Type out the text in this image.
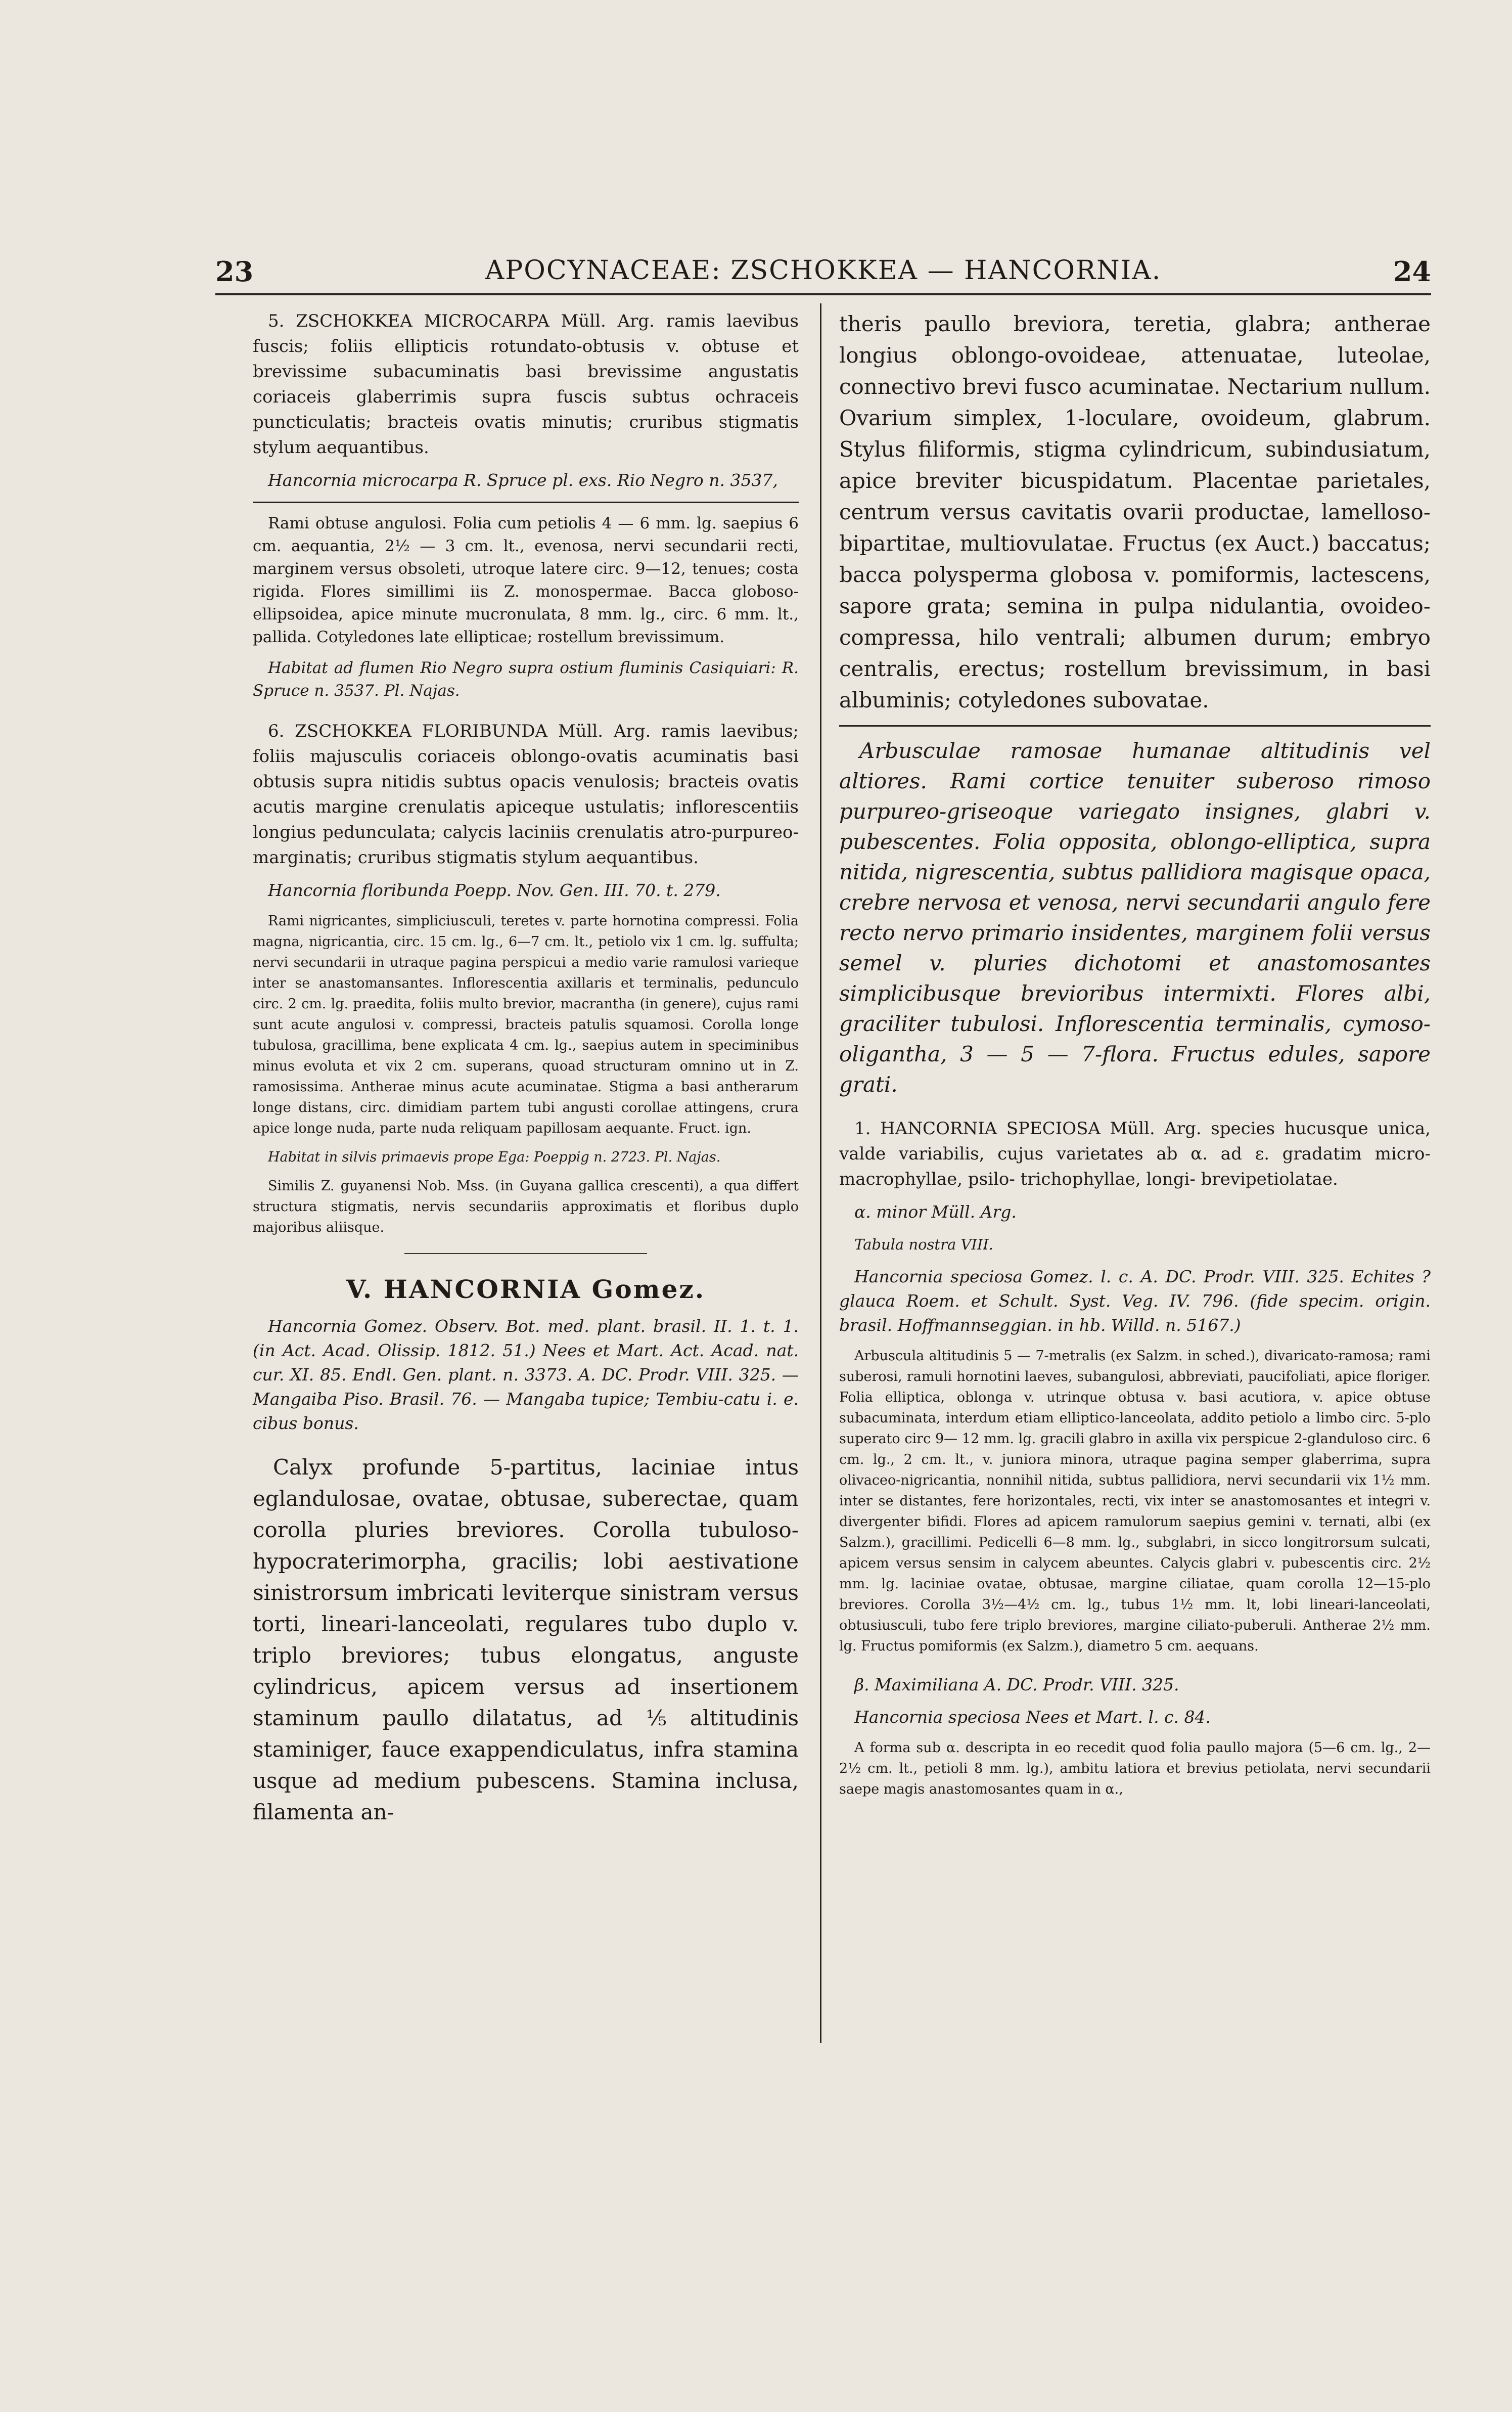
23	APOCYNACEAE: ZSCHOKKEA — HANCORNIA.	24

5. ZSCHOKKEA MICROCARPA Müll. Arg. ramis laevibus fuscis; foliis ellipticis rotundato-obtusis v. obtuse et brevissime subacuminatis basi brevissime angustatis coriaceis glaberrimis supra fuscis subtus ochraceis puncticulatis; bracteis ovatis minutis; cruribus stigmatis stylum aequantibus.

Hancornia microcarpa R. Spruce pl. exs. Rio Negro n. 3537,

Rami obtuse angulosi. Folia cum petiolis 4 — 6 mm. lg. saepius 6 cm. aequantia, 2½ — 3 cm. lt., evenosa, nervi secundarii recti, marginem versus obsoleti, utroque latere circ. 9—12, tenues; costa rigida. Flores simillimi iis Z. monospermae. Bacca globoso-ellipsoidea, apice minute mucronulata, 8 mm. lg., circ. 6 mm. lt., pallida. Cotyledones late ellipticae; rostellum brevissimum.

Habitat ad flumen Rio Negro supra ostium fluminis Casiquiari: R. Spruce n. 3537. Pl. Najas.

6. ZSCHOKKEA FLORIBUNDA Müll. Arg. ramis laevibus; foliis majusculis coriaceis oblongo-ovatis acuminatis basi obtusis supra nitidis subtus opacis venulosis; bracteis ovatis acutis margine crenulatis apiceque ustulatis; inflorescentiis longius pedunculata; calycis laciniis crenulatis atro-purpureo-marginatis; cruribus stigmatis stylum aequantibus.

Hancornia floribunda Poepp. Nov. Gen. III. 70. t. 279.

Rami nigricantes, simpliciusculi, teretes v. parte hornotina compressi. Folia magna, nigricantia, circ. 15 cm. lg., 6—7 cm. lt., petiolo vix 1 cm. lg. suffulta; nervi secundarii in utraque pagina perspicui a medio varie ramulosi varieque inter se anastomansantes. Inflorescentia axillaris et terminalis, pedunculo circ. 2 cm. lg. praedita, foliis multo brevior, macrantha (in genere), cujus rami sunt acute angulosi v. compressi, bracteis patulis squamosi. Corolla longe tubulosa, gracillima, bene explicata 4 cm. lg., saepius autem in speciminibus minus evoluta et vix 2 cm. superans, quoad structuram omnino ut in Z. ramosissima. Antherae minus acute acuminatae. Stigma a basi antherarum longe distans, circ. dimidiam partem tubi angusti corollae attingens, crura apice longe nuda, parte nuda reliquam papillosam aequante. Fruct. ign.

Habitat in silvis primaevis prope Ega: Poeppig n. 2723. Pl. Najas.

Similis Z. guyanensi Nob. Mss. (in Guyana gallica crescenti), a qua differt structura stigmatis, nervis secundariis approximatis et floribus duplo majoribus aliisque.

V. HANCORNIA Gomez.

Hancornia Gomez. Observ. Bot. med. plant. brasil. II. 1. t. 1. (in Act. Acad. Olissip. 1812. 51.) Nees et Mart. Act. Acad. nat. cur. XI. 85. Endl. Gen. plant. n. 3373. A. DC. Prodr. VIII. 325. — Mangaiba Piso. Brasil. 76. — Mangaba tupice; Tembiu-catu i. e. cibus bonus.

Calyx profunde 5-partitus, laciniae intus eglandulosae, ovatae, obtusae, suberectae, quam corolla pluries breviores. Corolla tubuloso-hypocraterimorpha, gracilis; lobi aestivatione sinistrorsum imbricati leviterque sinistram versus torti, lineari-lanceolati, regulares tubo duplo v. triplo breviores; tubus elongatus, anguste cylindricus, apicem versus ad insertionem staminum paullo dilatatus, ad ⅕ altitudinis staminiger, fauce exappendiculatus, infra stamina usque ad medium pubescens. Stamina inclusa, filamenta an-

theris paullo breviora, teretia, glabra; antherae longius oblongo-ovoideae, attenuatae, luteolae, connectivo brevi fusco acuminatae. Nectarium nullum. Ovarium simplex, 1-loculare, ovoideum, glabrum. Stylus filiformis, stigma cylindricum, subindusiatum, apice breviter bicuspidatum. Placentae parietales, centrum versus cavitatis ovarii productae, lamelloso-bipartitae, multiovulatae. Fructus (ex Auct.) baccatus; bacca polysperma globosa v. pomiformis, lactescens, sapore grata; semina in pulpa nidulantia, ovoideo-compressa, hilo ventrali; albumen durum; embryo centralis, erectus; rostellum brevissimum, in basi albuminis; cotyledones subovatae.

Arbusculae ramosae humanae altitudinis vel altiores. Rami cortice tenuiter suberoso rimoso purpureo-griseoque variegato insignes, glabri v. pubescentes. Folia opposita, oblongo-elliptica, supra nitida, nigrescentia, subtus pallidiora magisque opaca, crebre nervosa et venosa, nervi secundarii angulo fere recto nervo primario insidentes, marginem folii versus semel v. pluries dichotomi et anastomosantes simplicibusque brevioribus intermixti. Flores albi, graciliter tubulosi. Inflorescentia terminalis, cymoso-oligantha, 3 — 5 — 7-flora. Fructus edules, sapore grati.

1. HANCORNIA SPECIOSA Müll. Arg. species hucusque unica, valde variabilis, cujus varietates ab α. ad ε. gradatim micro- macrophyllae, psilo- trichophyllae, longi- brevipetiolatae.

α. minor Müll. Arg.

Tabula nostra VIII.

Hancornia speciosa Gomez. l. c. A. DC. Prodr. VIII. 325. Echites ? glauca Roem. et Schult. Syst. Veg. IV. 796. (fide specim. origin. brasil. Hoffmannseggian. in hb. Willd. n. 5167.)

Arbuscula altitudinis 5 — 7-metralis (ex Salzm. in sched.), divaricato-ramosa; rami suberosi, ramuli hornotini laeves, subangulosi, abbreviati, paucifoliati, apice floriger. Folia elliptica, oblonga v. utrinque obtusa v. basi acutiora, v. apice obtuse subacuminata, interdum etiam elliptico-lanceolata, addito petiolo a limbo circ. 5-plo superato circ 9— 12 mm. lg. gracili glabro in axilla vix perspicue 2-glanduloso circ. 6 cm. lg., 2 cm. lt., v. juniora minora, utraque pagina semper glaberrima, supra olivaceo-nigricantia, nonnihil nitida, subtus pallidiora, nervi secundarii vix 1½ mm. inter se distantes, fere horizontales, recti, vix inter se anastomosantes et integri v. divergenter bifidi. Flores ad apicem ramulorum saepius gemini v. ternati, albi (ex Salzm.), gracillimi. Pedicelli 6—8 mm. lg., subglabri, in sicco longitrorsum sulcati, apicem versus sensim in calycem abeuntes. Calycis glabri v. pubescentis circ. 2½ mm. lg. laciniae ovatae, obtusae, margine ciliatae, quam corolla 12—15-plo breviores. Corolla 3½—4½ cm. lg., tubus 1½ mm. lt, lobi lineari-lanceolati, obtusiusculi, tubo fere triplo breviores, margine ciliato-puberuli. Antherae 2½ mm. lg. Fructus pomiformis (ex Salzm.), diametro 5 cm. aequans.

β. Maximiliana A. DC. Prodr. VIII. 325.

Hancornia speciosa Nees et Mart. l. c. 84.

A forma sub α. descripta in eo recedit quod folia paullo majora (5—6 cm. lg., 2—2½ cm. lt., petioli 8 mm. lg.), ambitu latiora et brevius petiolata, nervi secundarii saepe magis anastomosantes quam in α.,
